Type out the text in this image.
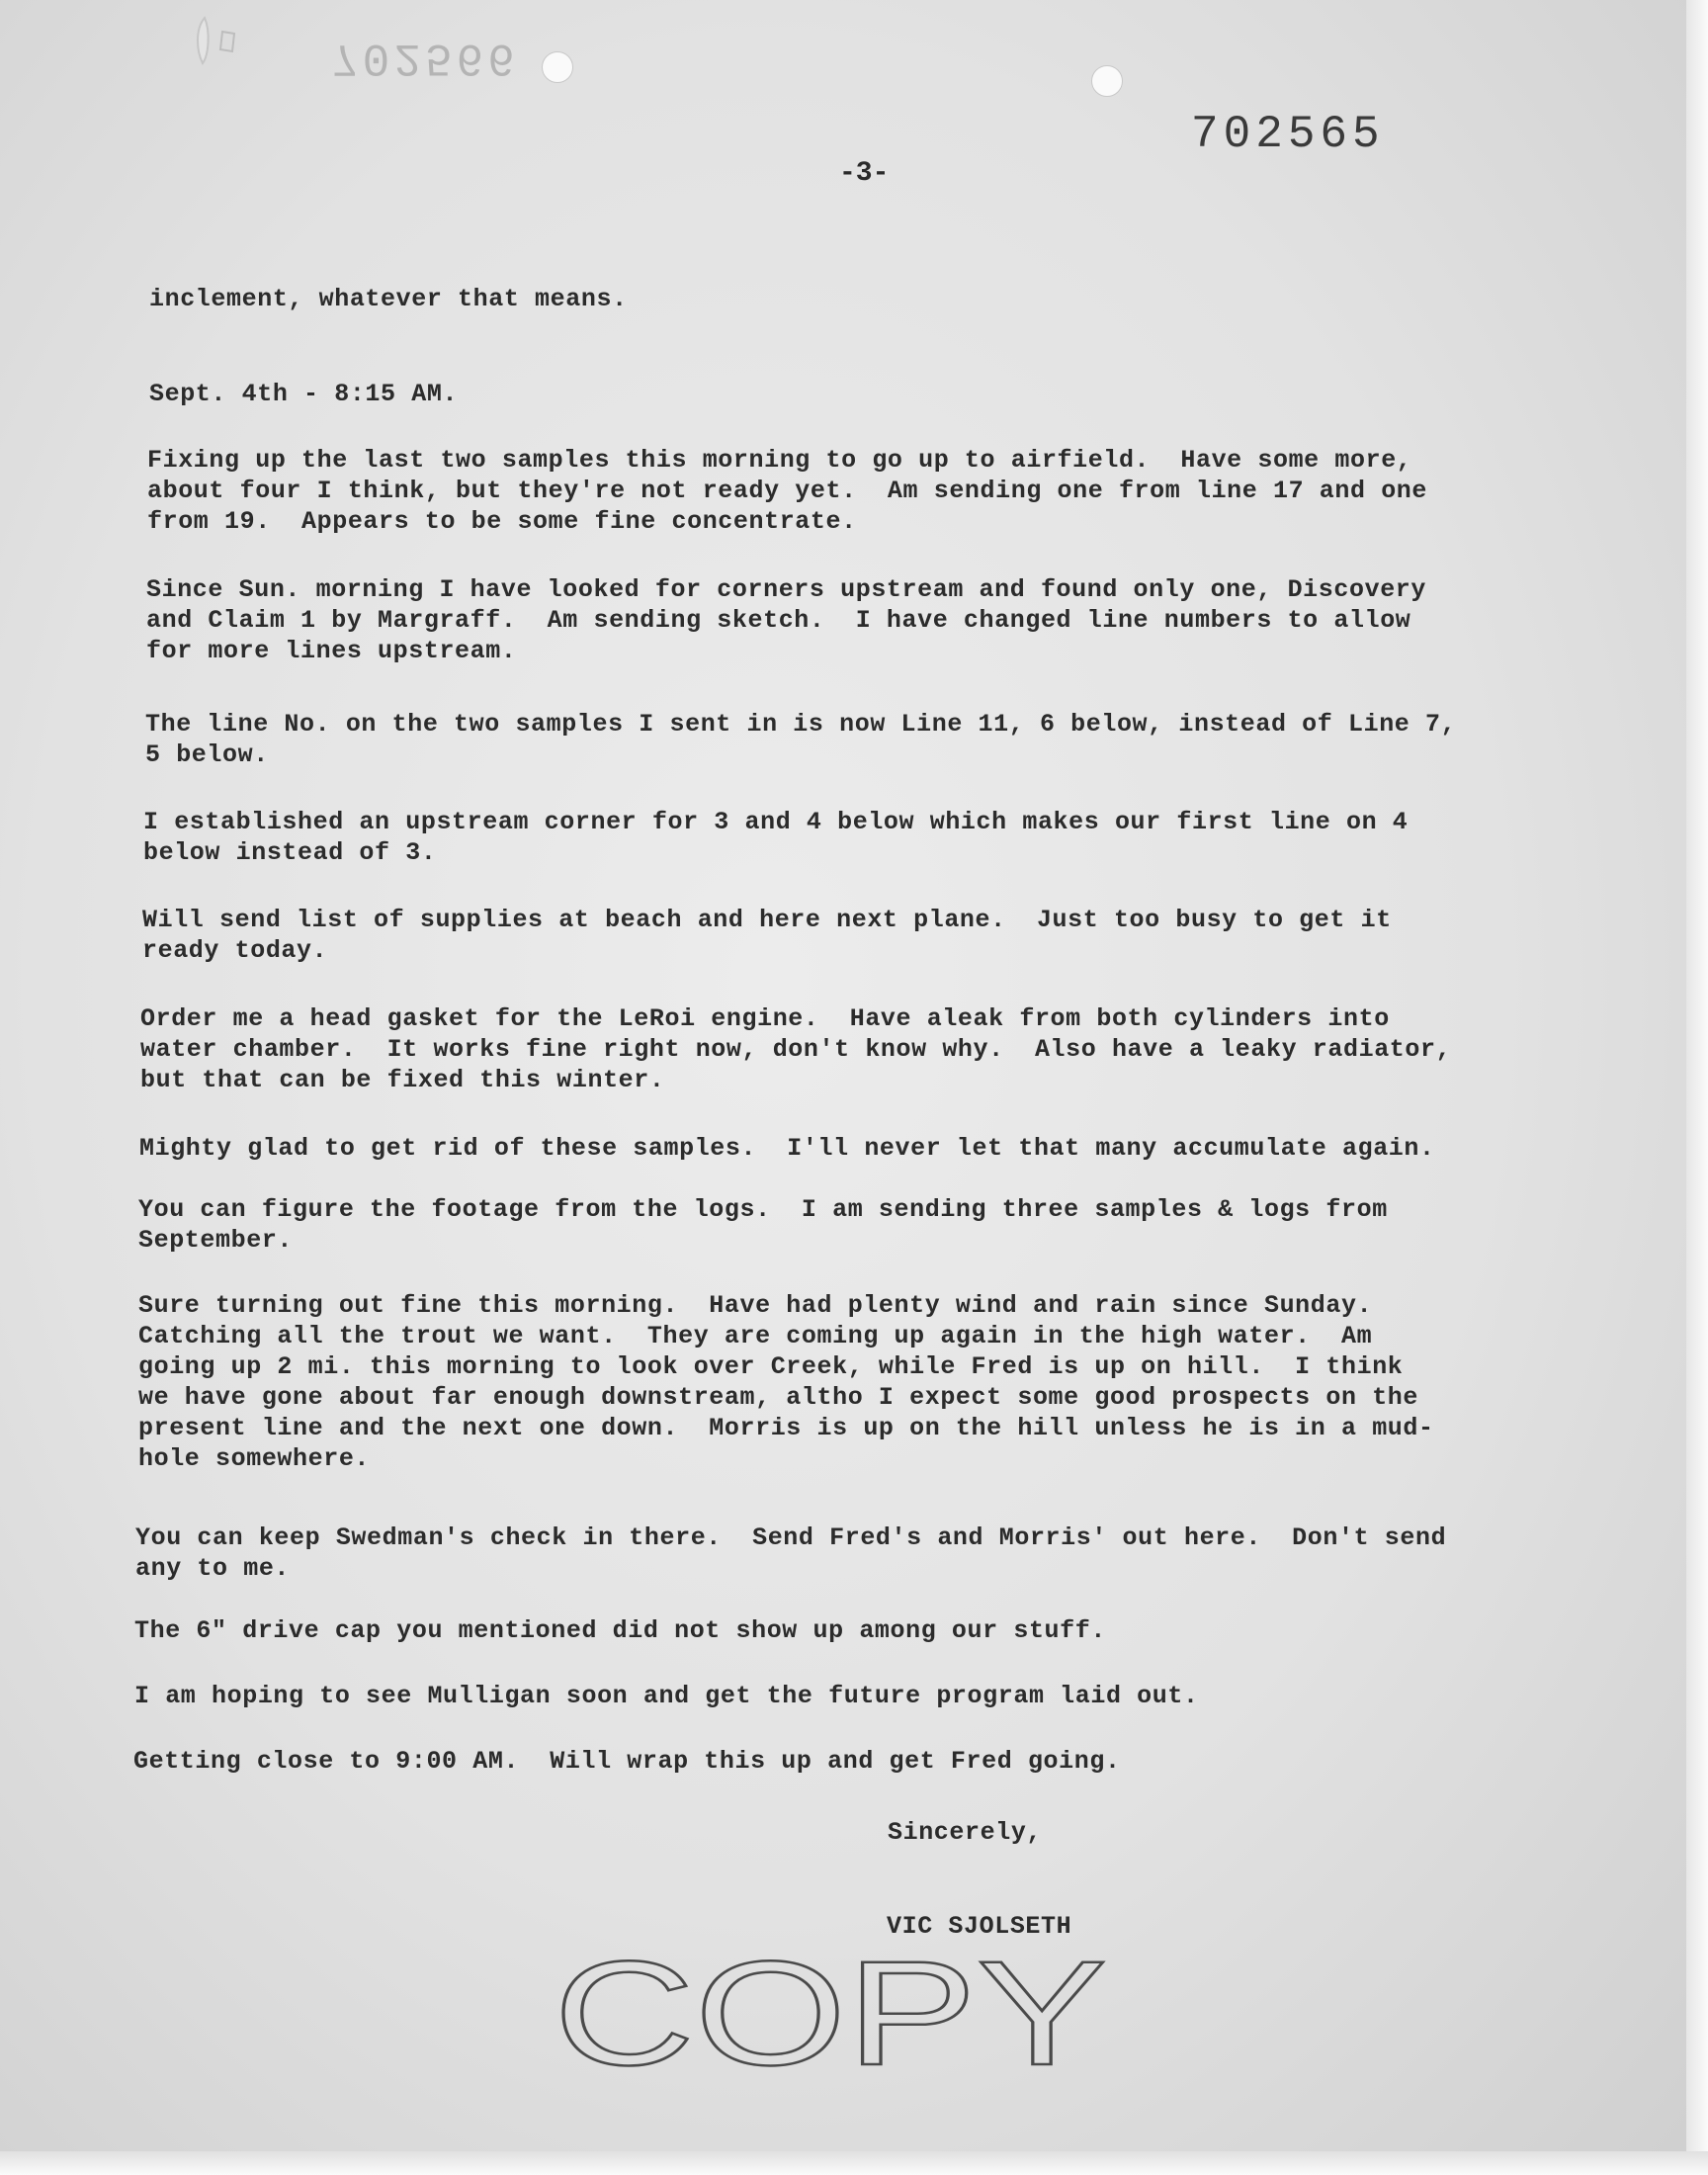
702566
702565
-3-

inclement, whatever that means.

Sept. 4th - 8:15 AM.

Fixing up the last two samples this morning to go up to airfield.  Have some more,
about four I think, but they're not ready yet.  Am sending one from line 17 and one
from 19.  Appears to be some fine concentrate.

Since Sun. morning I have looked for corners upstream and found only one, Discovery
and Claim 1 by Margraff.  Am sending sketch.  I have changed line numbers to allow
for more lines upstream.

The line No. on the two samples I sent in is now Line 11, 6 below, instead of Line 7,
5 below.

I established an upstream corner for 3 and 4 below which makes our first line on 4
below instead of 3.

Will send list of supplies at beach and here next plane.  Just too busy to get it
ready today.

Order me a head gasket for the LeRoi engine.  Have aleak from both cylinders into
water chamber.  It works fine right now, don't know why.  Also have a leaky radiator,
but that can be fixed this winter.

Mighty glad to get rid of these samples.  I'll never let that many accumulate again.

You can figure the footage from the logs.  I am sending three samples & logs from
September.

Sure turning out fine this morning.  Have had plenty wind and rain since Sunday.
Catching all the trout we want.  They are coming up again in the high water.  Am
going up 2 mi. this morning to look over Creek, while Fred is up on hill.  I think
we have gone about far enough downstream, altho I expect some good prospects on the
present line and the next one down.  Morris is up on the hill unless he is in a mud-
hole somewhere.

You can keep Swedman's check in there.  Send Fred's and Morris' out here.  Don't send
any to me.

The 6" drive cap you mentioned did not show up among our stuff.

I am hoping to see Mulligan soon and get the future program laid out.

Getting close to 9:00 AM.  Will wrap this up and get Fred going.

Sincerely,

VIC SJOLSETH

COPY
